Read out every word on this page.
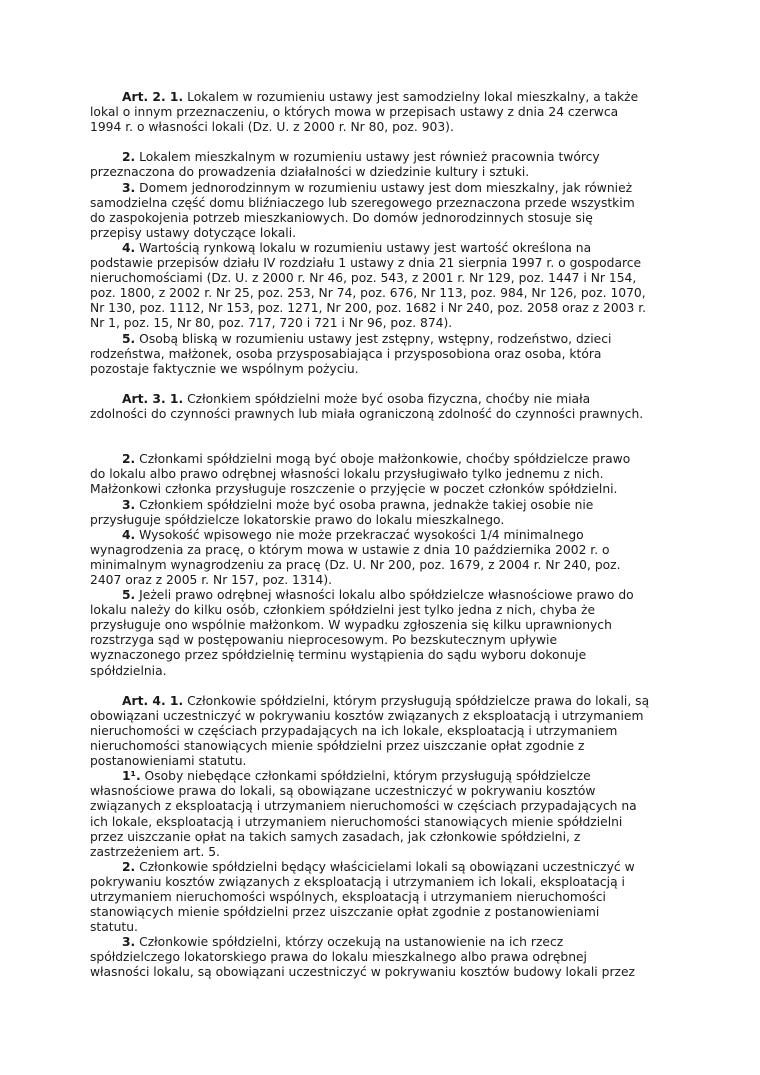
Art. 2. 1. Lokalem w rozumieniu ustawy jest samodzielny lokal mieszkalny, a także
lokal o innym przeznaczeniu, o których mowa w przepisach ustawy z dnia 24 czerwca
1994 r. o własności lokali (Dz. U. z 2000 r. Nr 80, poz. 903).
2. Lokalem mieszkalnym w rozumieniu ustawy jest również pracownia twórcy
przeznaczona do prowadzenia działalności w dziedzinie kultury i sztuki.
3. Domem jednorodzinnym w rozumieniu ustawy jest dom mieszkalny, jak również
samodzielna część domu bliźniaczego lub szeregowego przeznaczona przede wszystkim
do zaspokojenia potrzeb mieszkaniowych. Do domów jednorodzinnych stosuje się
przepisy ustawy dotyczące lokali.
4. Wartością rynkową lokalu w rozumieniu ustawy jest wartość określona na
podstawie przepisów działu IV rozdziału 1 ustawy z dnia 21 sierpnia 1997 r. o gospodarce
nieruchomościami (Dz. U. z 2000 r. Nr 46, poz. 543, z 2001 r. Nr 129, poz. 1447 i Nr 154,
poz. 1800, z 2002 r. Nr 25, poz. 253, Nr 74, poz. 676, Nr 113, poz. 984, Nr 126, poz. 1070,
Nr 130, poz. 1112, Nr 153, poz. 1271, Nr 200, poz. 1682 i Nr 240, poz. 2058 oraz z 2003 r.
Nr 1, poz. 15, Nr 80, poz. 717, 720 i 721 i Nr 96, poz. 874).
5. Osobą bliską w rozumieniu ustawy jest zstępny, wstępny, rodzeństwo, dzieci
rodzeństwa, małżonek, osoba przysposabiająca i przysposobiona oraz osoba, która
pozostaje faktycznie we wspólnym pożyciu.
Art. 3. 1. Członkiem spółdzielni może być osoba fizyczna, choćby nie miała
zdolności do czynności prawnych lub miała ograniczoną zdolność do czynności prawnych.
2. Członkami spółdzielni mogą być oboje małżonkowie, choćby spółdzielcze prawo
do lokalu albo prawo odrębnej własności lokalu przysługiwało tylko jednemu z nich.
Małżonkowi członka przysługuje roszczenie o przyjęcie w poczet członków spółdzielni.
3. Członkiem spółdzielni może być osoba prawna, jednakże takiej osobie nie
przysługuje spółdzielcze lokatorskie prawo do lokalu mieszkalnego.
4. Wysokość wpisowego nie może przekraczać wysokości 1/4 minimalnego
wynagrodzenia za pracę, o którym mowa w ustawie z dnia 10 października 2002 r. o
minimalnym wynagrodzeniu za pracę (Dz. U. Nr 200, poz. 1679, z 2004 r. Nr 240, poz.
2407 oraz z 2005 r. Nr 157, poz. 1314).
5. Jeżeli prawo odrębnej własności lokalu albo spółdzielcze własnościowe prawo do
lokalu należy do kilku osób, członkiem spółdzielni jest tylko jedna z nich, chyba że
przysługuje ono wspólnie małżonkom. W wypadku zgłoszenia się kilku uprawnionych
rozstrzyga sąd w postępowaniu nieprocesowym. Po bezskutecznym upływie
wyznaczonego przez spółdzielnię terminu wystąpienia do sądu wyboru dokonuje
spółdzielnia.
Art. 4. 1. Członkowie spółdzielni, którym przysługują spółdzielcze prawa do lokali, są
obowiązani uczestniczyć w pokrywaniu kosztów związanych z eksploatacją i utrzymaniem
nieruchomości w częściach przypadających na ich lokale, eksploatacją i utrzymaniem
nieruchomości stanowiących mienie spółdzielni przez uiszczanie opłat zgodnie z
postanowieniami statutu.
1¹. Osoby niebędące członkami spółdzielni, którym przysługują spółdzielcze
własnościowe prawa do lokali, są obowiązane uczestniczyć w pokrywaniu kosztów
związanych z eksploatacją i utrzymaniem nieruchomości w częściach przypadających na
ich lokale, eksploatacją i utrzymaniem nieruchomości stanowiących mienie spółdzielni
przez uiszczanie opłat na takich samych zasadach, jak członkowie spółdzielni, z
zastrzeżeniem art. 5.
2. Członkowie spółdzielni będący właścicielami lokali są obowiązani uczestniczyć w
pokrywaniu kosztów związanych z eksploatacją i utrzymaniem ich lokali, eksploatacją i
utrzymaniem nieruchomości wspólnych, eksploatacją i utrzymaniem nieruchomości
stanowiących mienie spółdzielni przez uiszczanie opłat zgodnie z postanowieniami
statutu.
3. Członkowie spółdzielni, którzy oczekują na ustanowienie na ich rzecz
spółdzielczego lokatorskiego prawa do lokalu mieszkalnego albo prawa odrębnej
własności lokalu, są obowiązani uczestniczyć w pokrywaniu kosztów budowy lokali przez
